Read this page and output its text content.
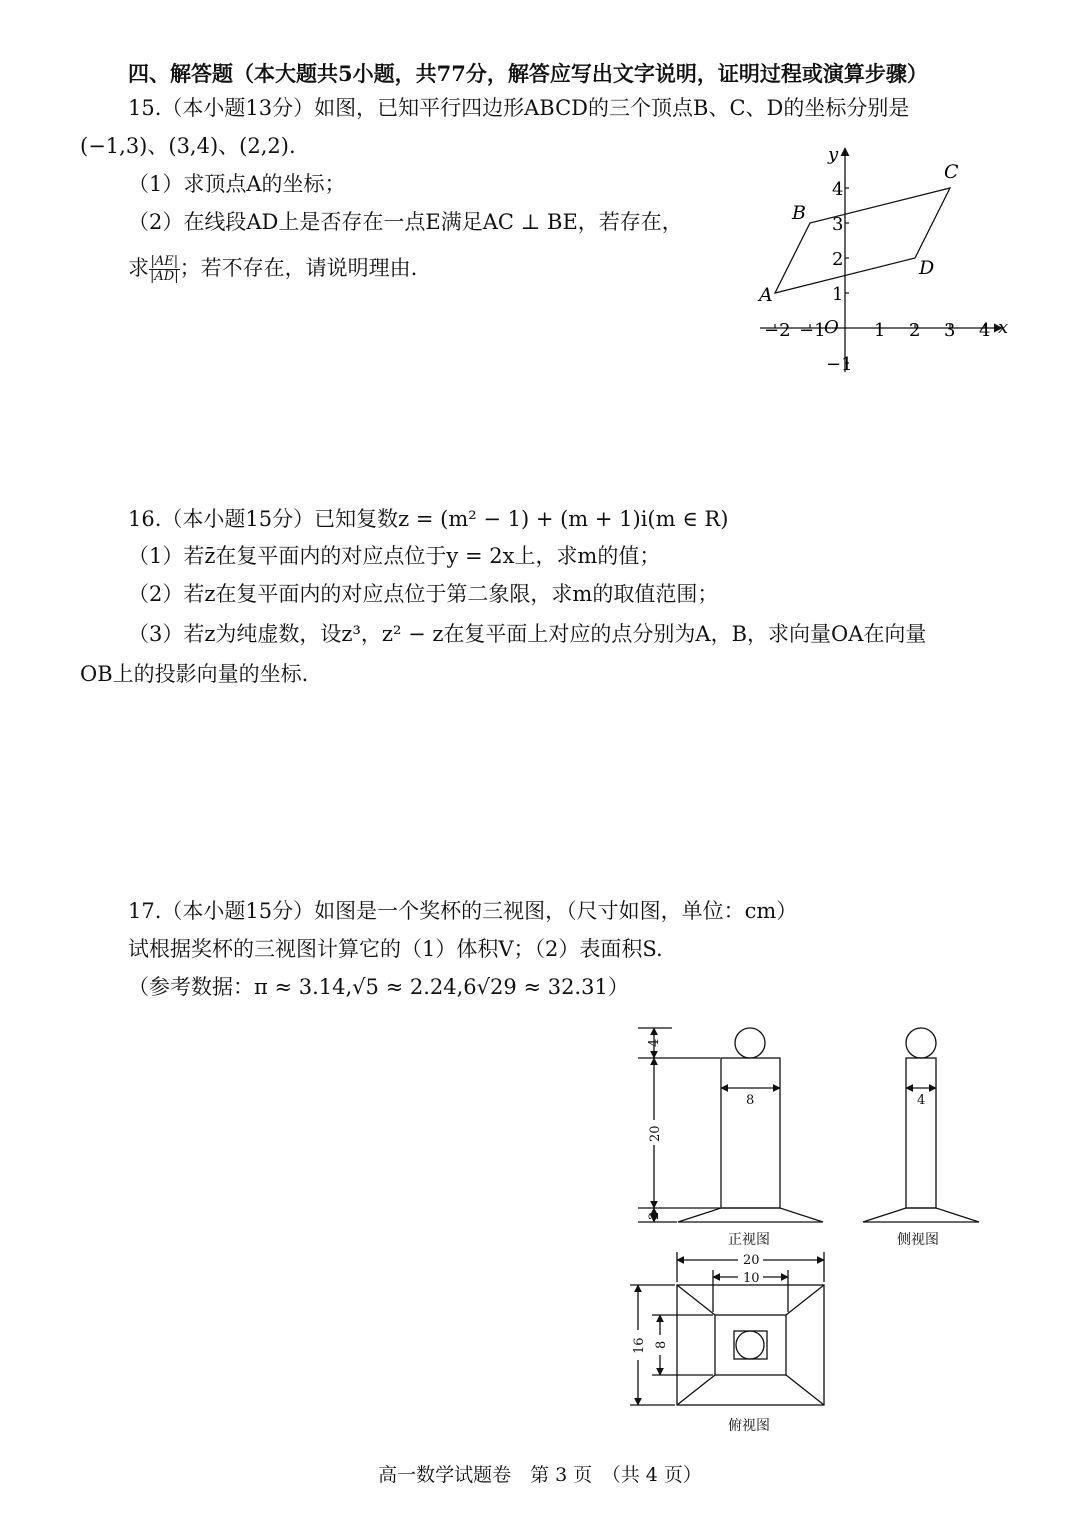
四、解答题（本大题共5小题，共77分，解答应写出文字说明，证明过程或演算步骤）
15.（本小题13分）如图，已知平行四边形ABCD的三个顶点B、C、D的坐标分别是
(−1,3)、(3,4)、(2,2).
（1）求顶点A的坐标；
（2）在线段AD上是否存在一点E满足AC ⊥ BE，若存在，
求 $\frac{|AE|}{|AD|}$ ；若不存在，请说明理由.
x
y
O
−2 −1	1 2 3 4
4
3
2
1
−1
A
B
C
D
16.（本小题15分）已知复数z = (m² − 1) + (m + 1)i(m ∈ R)
（1）若z̄在复平面内的对应点位于y = 2x上，求m的值；
（2）若z在复平面内的对应点位于第二象限，求m的取值范围；
（3）若z为纯虚数，设z³，z² − z在复平面上对应的点分别为A，B，求向量OA在向量
OB上的投影向量的坐标.
17.（本小题15分）如图是一个奖杯的三视图，（尺寸如图，单位：cm）
试根据奖杯的三视图计算它的（1）体积V；（2）表面积S.
（参考数据：π ≈ 3.14,√5 ≈ 2.24,6√29 ≈ 32.31）
4
20
2
8	4
20
10
16 8
正视图	侧视图
俯视图
高一数学试题卷　第 3 页　（共 4 页）
